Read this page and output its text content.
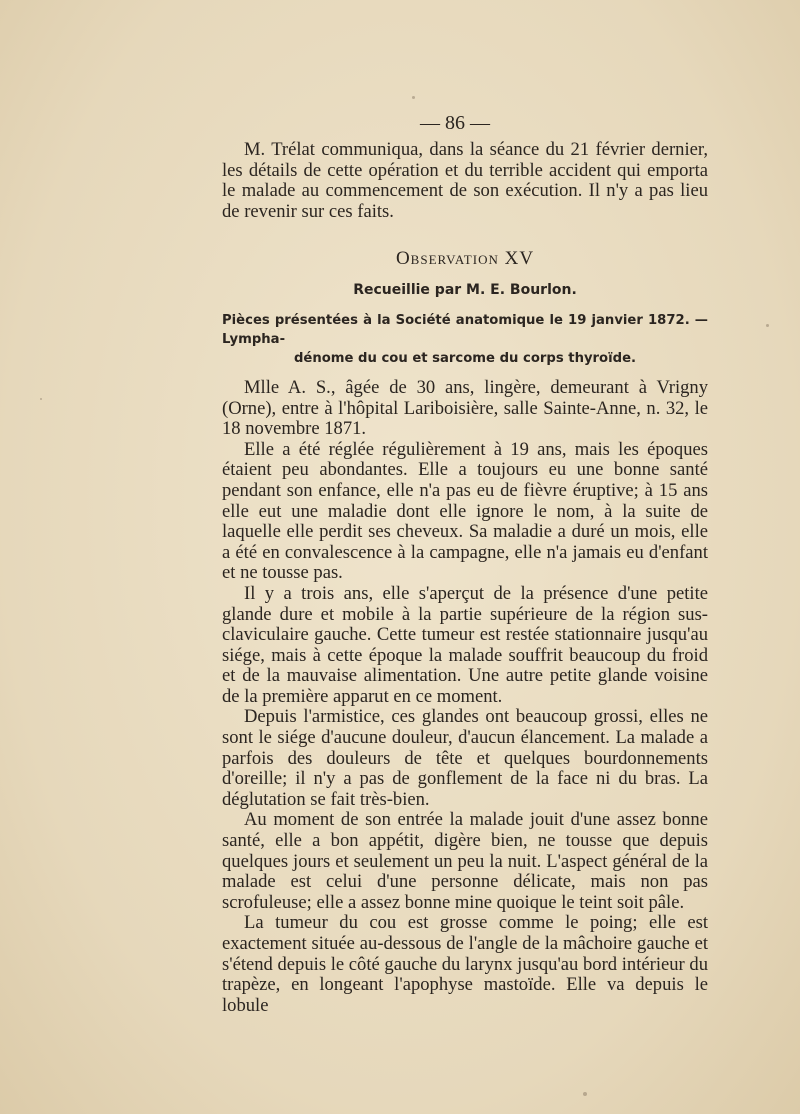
— 86 —

M. Trélat communiqua, dans la séance du 21 février dernier, les détails de cette opération et du terrible accident qui emporta le malade au commencement de son exécution. Il n'y a pas lieu de revenir sur ces faits.

Observation XV
Recueillie par M. E. Bourlon.
Pièces présentées à la Société anatomique le 19 janvier 1872. — Lympha-
dénome du cou et sarcome du corps thyroïde.

Mlle A. S., âgée de 30 ans, lingère, demeurant à Vrigny (Orne), entre à l'hôpital Lariboisière, salle Sainte-Anne, n. 32, le 18 novembre 1871.

Elle a été réglée régulièrement à 19 ans, mais les époques étaient peu abondantes. Elle a toujours eu une bonne santé pendant son enfance, elle n'a pas eu de fièvre éruptive; à 15 ans elle eut une maladie dont elle ignore le nom, à la suite de laquelle elle perdit ses cheveux. Sa maladie a duré un mois, elle a été en convalescence à la campagne, elle n'a jamais eu d'enfant et ne tousse pas.

Il y a trois ans, elle s'aperçut de la présence d'une petite glande dure et mobile à la partie supérieure de la région sus-claviculaire gauche. Cette tumeur est restée stationnaire jusqu'au siége, mais à cette époque la malade souffrit beaucoup du froid et de la mauvaise alimentation. Une autre petite glande voisine de la première apparut en ce moment.

Depuis l'armistice, ces glandes ont beaucoup grossi, elles ne sont le siége d'aucune douleur, d'aucun élancement. La malade a parfois des douleurs de tête et quelques bourdonnements d'oreille; il n'y a pas de gonflement de la face ni du bras. La déglutation se fait très-bien.

Au moment de son entrée la malade jouit d'une assez bonne santé, elle a bon appétit, digère bien, ne tousse que depuis quelques jours et seulement un peu la nuit. L'aspect général de la malade est celui d'une personne délicate, mais non pas scrofuleuse; elle a assez bonne mine quoique le teint soit pâle.

La tumeur du cou est grosse comme le poing; elle est exactement située au-dessous de l'angle de la mâchoire gauche et s'étend depuis le côté gauche du larynx jusqu'au bord intérieur du trapèze, en longeant l'apophyse mastoïde. Elle va depuis le lobule
